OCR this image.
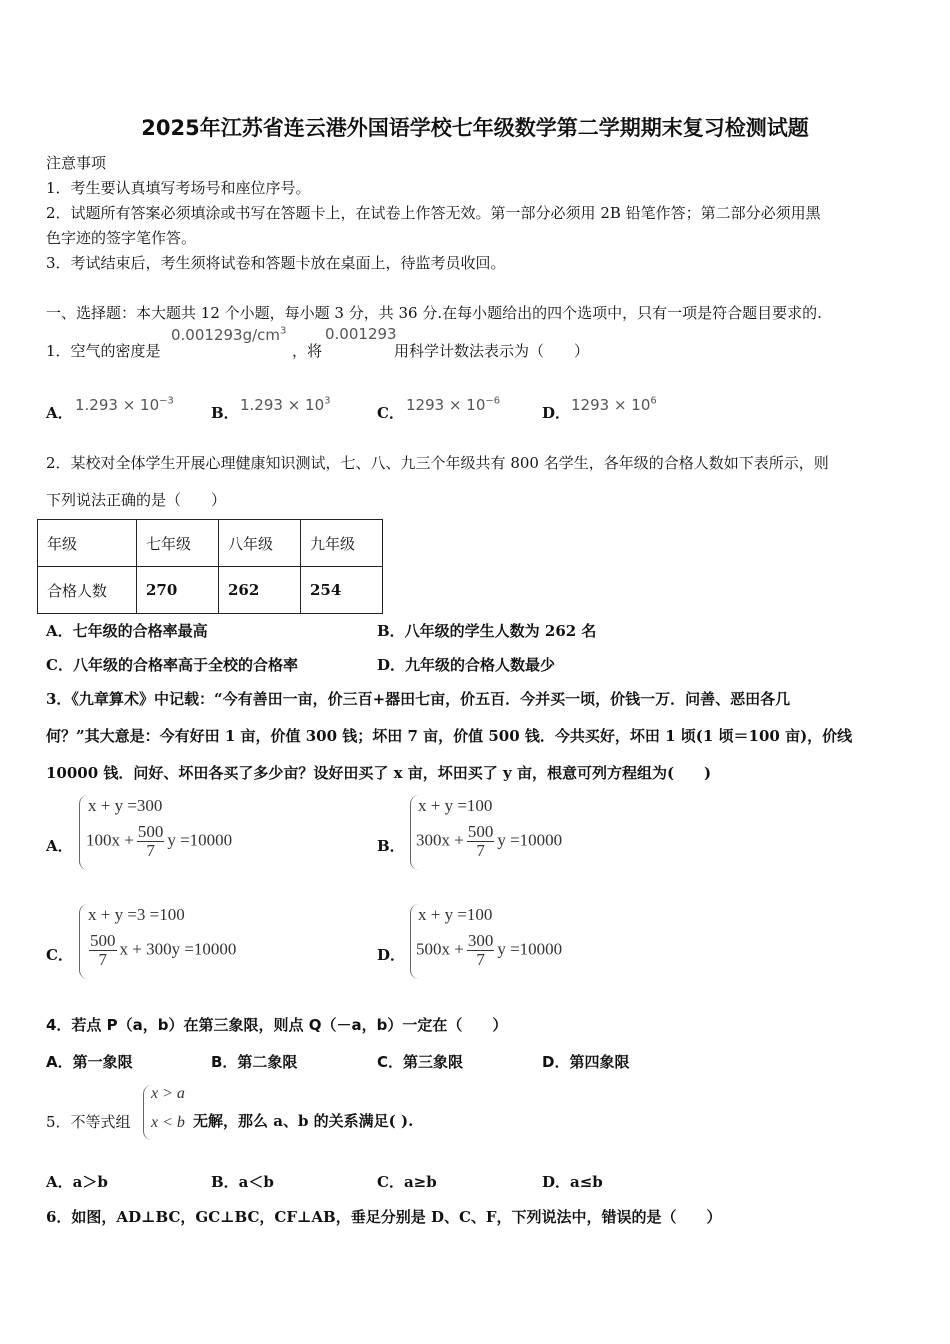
2025年江苏省连云港外国语学校七年级数学第二学期期末复习检测试题
注意事项
1．考生要认真填写考场号和座位序号。
2．试题所有答案必须填涂或书写在答题卡上，在试卷上作答无效。第一部分必须用 2B 铅笔作答；第二部分必须用黑
色字迹的签字笔作答。
3．考试结束后，考生须将试卷和答题卡放在桌面上，待监考员收回。
一、选择题：本大题共 12 个小题，每小题 3 分，共 36 分.在每小题给出的四个选项中，只有一项是符合题目要求的.
1．空气的密度是
$0.001293g/cm^3$
，将
0.001293
用科学计数法表示为（　　）
A． $1.293 \times 10^{-3}$
B． $1.293 \times 10^3$
C． $1293 \times 10^{-6}$
D． $1293 \times 10^6$
2．某校对全体学生开展心理健康知识测试，七、八、九三个年级共有 800 名学生，各年级的合格人数如下表所示，则
下列说法正确的是（　　）
年级	七年级	八年级	九年级
合格人数	270	262	254
A．七年级的合格率最高	B．八年级的学生人数为 262 名
C．八年级的合格率高于全校的合格率	D．九年级的合格人数最少
3．《九章算术》中记载：“今有善田一亩，价三百+器田七亩，价五百．今并买一顷，价钱一万．问善、恶田各几
何？”其大意是：今有好田 1 亩，价值 300 钱；坏田 7 亩，价值 500 钱．今共买好，坏田 1 顷(1 顷＝100 亩)，价线
10000 钱．问好、坏田各买了多少亩？设好田买了 x 亩，坏田买了 y 亩，根意可列方程组为(　　)
A．
x + y =300
$100x + \frac{500}{7}$ y =10000	B．
x + y =100
$300x + \frac{500}{7}$ y =10000
C．
x + y =3 =100
$\frac{500}{7}$ x + 300y =10000	D．
x + y =100
$500x + \frac{300}{7}$ y =10000
4．若点 P（a，b）在第三象限，则点 Q（－a，b）一定在（　　）
A．第一象限	B．第二象限	C．第三象限	D．第四象限
5．不等式组
x > a
x < b 无解，那么 a、b 的关系满足( ).
A．a＞b	B．a＜b	C．a≥b	D．a≤b
6．如图，AD⊥BC，GC⊥BC，CF⊥AB，垂足分别是 D、C、F，下列说法中，错误的是（　　）
